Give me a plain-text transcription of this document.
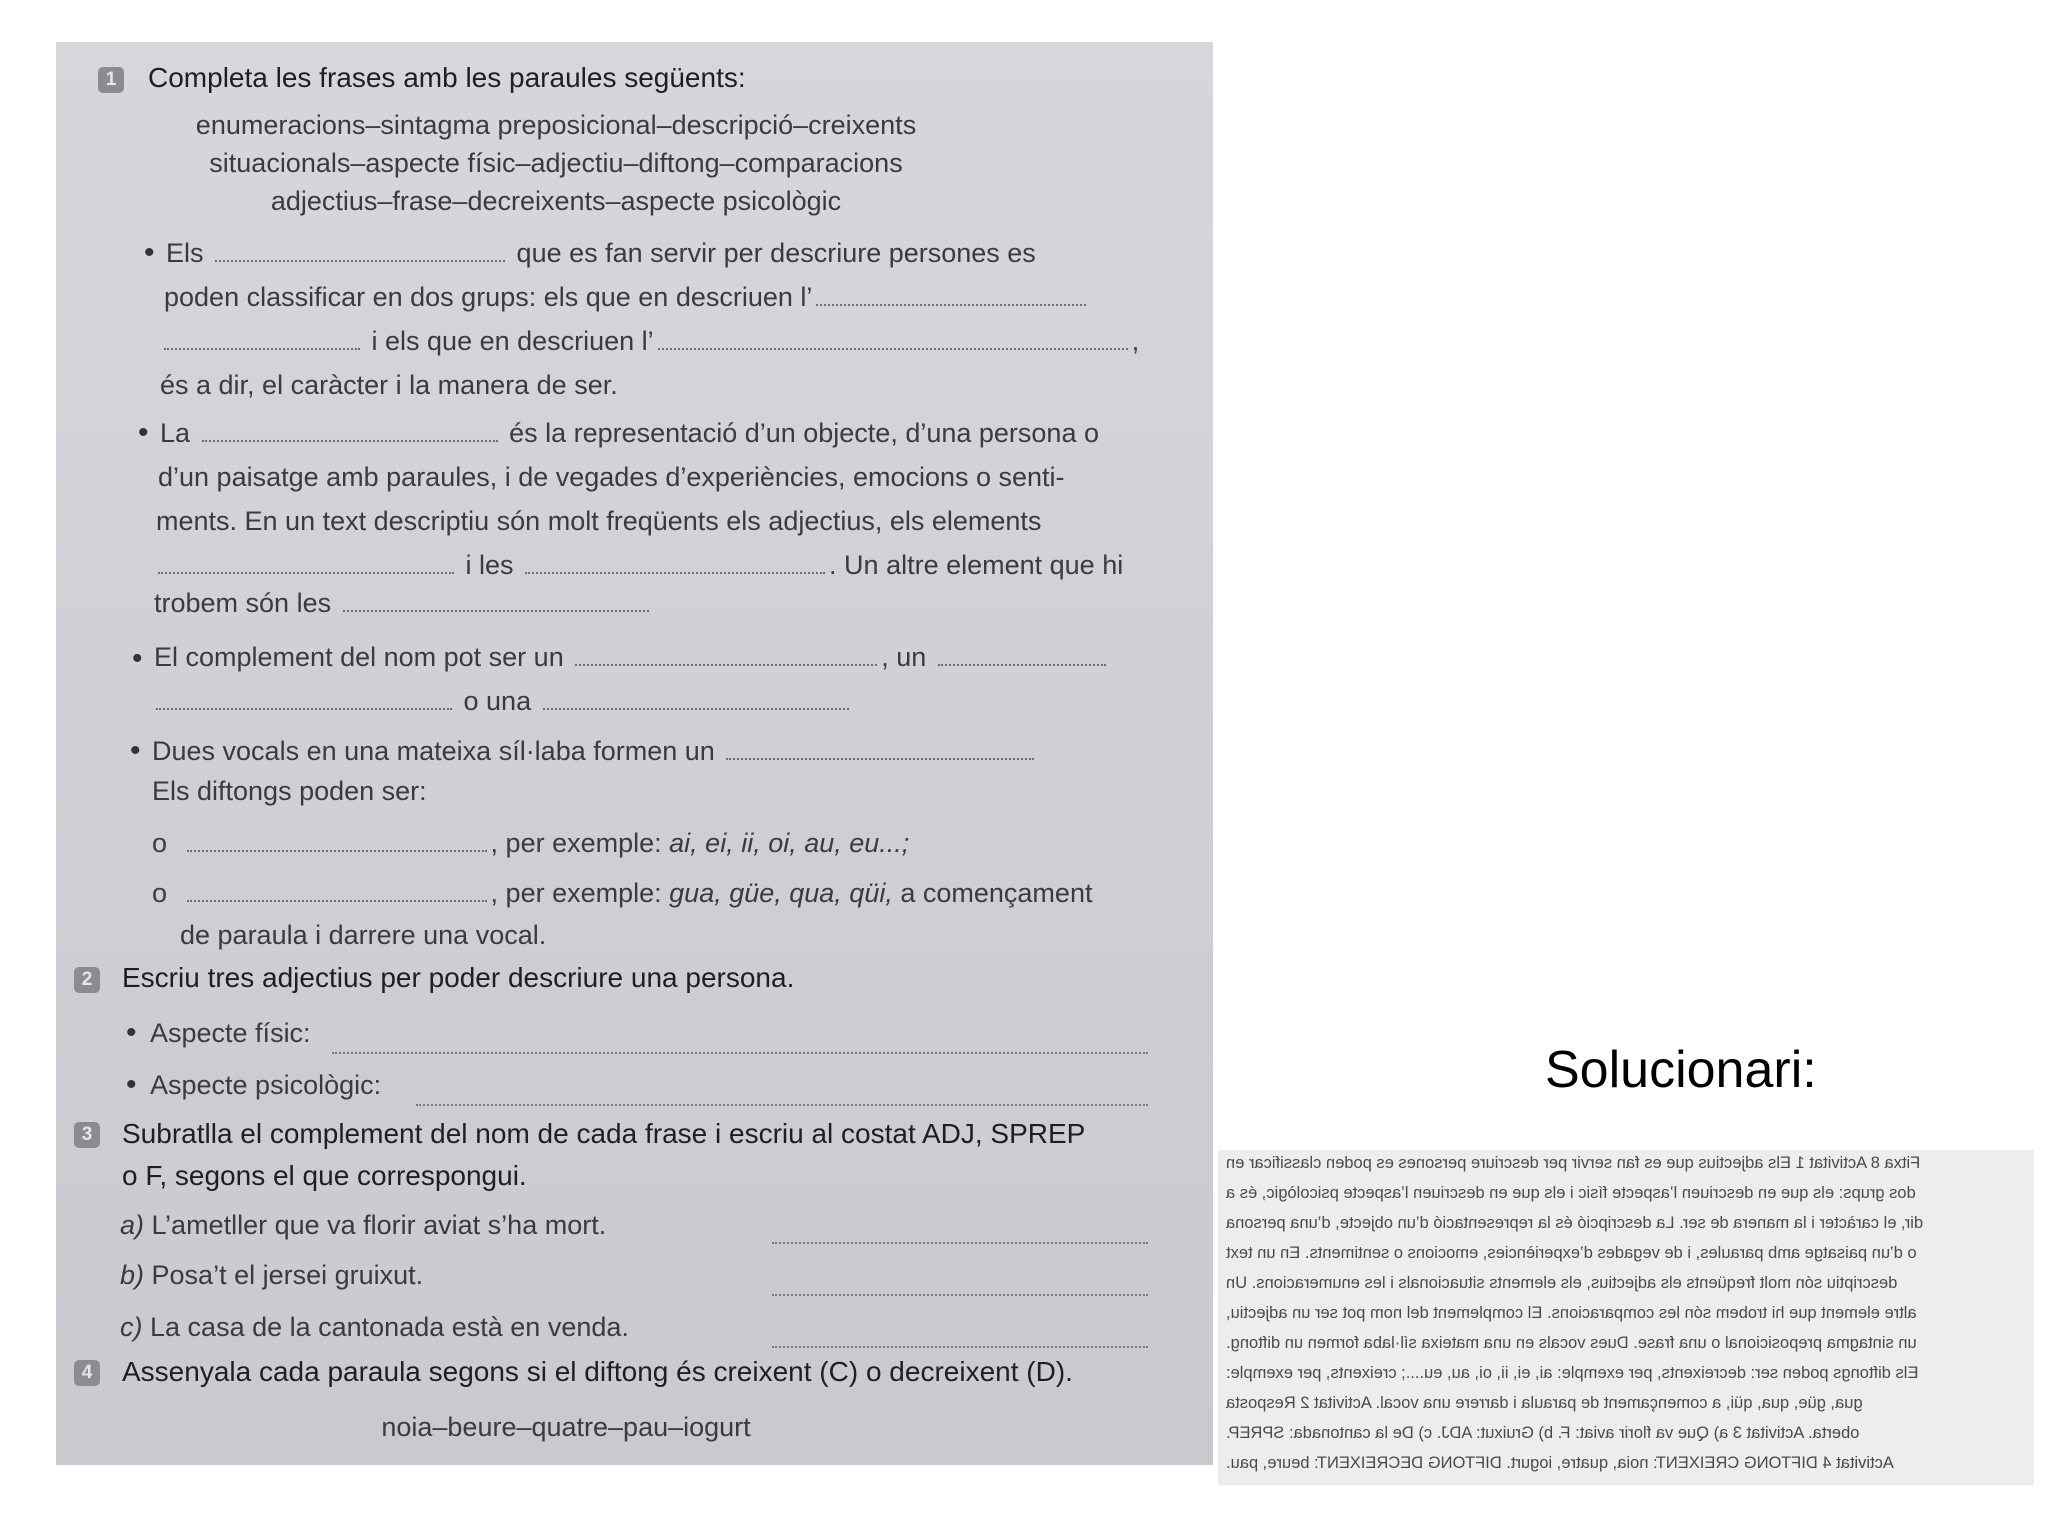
1 Completa les frases amb les paraules següents:
enumeracions–sintagma preposicional–descripció–creixents
situacionals–aspecte físic–adjectiu–diftong–comparacions
adjectius–frase–decreixents–aspecte psicològic
• Els	que es fan servir per descriure persones es
poden classificar en dos grups: els que en descriuen l’
i els que en descriuen l’	,
és a dir, el caràcter i la manera de ser.
• La	és la representació d’un objecte, d’una persona o
d’un paisatge amb paraules, i de vegades d’experiències, emocions o senti-
ments. En un text descriptiu són molt freqüents els adjectius, els elements
i les	. Un altre element que hi
trobem són les
• El complement del nom pot ser un	, un
o una
• Dues vocals en una mateixa síl·laba formen un
Els diftongs poden ser:
o	, per exemple: ai, ei, ii, oi, au, eu...;
o	, per exemple: gua, güe, qua, qüi, a començament
de paraula i darrere una vocal.
2 Escriu tres adjectius per poder descriure una persona.
• Aspecte físic:
• Aspecte psicològic:
3 Subratlla el complement del nom de cada frase i escriu al costat ADJ, SPREP
o F, segons el que correspongui.
a) L’ametller que va florir aviat s’ha mort.
b) Posa’t el jersei gruixut.
c) La casa de la cantonada està en venda.
4 Assenyala cada paraula segons si el diftong és creixent (C) o decreixent (D).
noia–beure–quatre–pau–iogurt
Solucionari:
Fitxa 8 Activitat 1 Els adjectius que es fan servir per descriure persones es poden classificar en
dos grups: els que en descriuen l’aspecte físic i els que en descriuen l’aspecte psicològic, és a
dir, el caràcter i la manera de ser. La descripció és la representació d’un objecte, d’una persona
o d’un paisatge amb paraules, i de vegades d’experiències, emocions o sentiments. En un text
descriptiu són molt freqüents els adjectius, els elements situacionals i les enumeracions. Un
altre element que hi trobem són les comparacions. El complement del nom pot ser un adjectiu,
un sintagma preposicional o una frase. Dues vocals en una mateixa síl·laba formen un diftong.
Els diftongs poden ser: decreixents, per exemple: ai, ei, ii, oi, au, eu....; creixents, per exemple:
gua, güe, qua, qüi, a començament de paraula i darrere una vocal. Activitat 2 Resposta
oberta. Activitat 3 a) Que va florir aviat: F. b) Gruixut: ADJ. c) De la cantonada: SPREP.
Activitat 4 DIFTONG CREIXENT: noia, quatre, iogurt. DIFTONG DECREIXENT: beure, pau.
